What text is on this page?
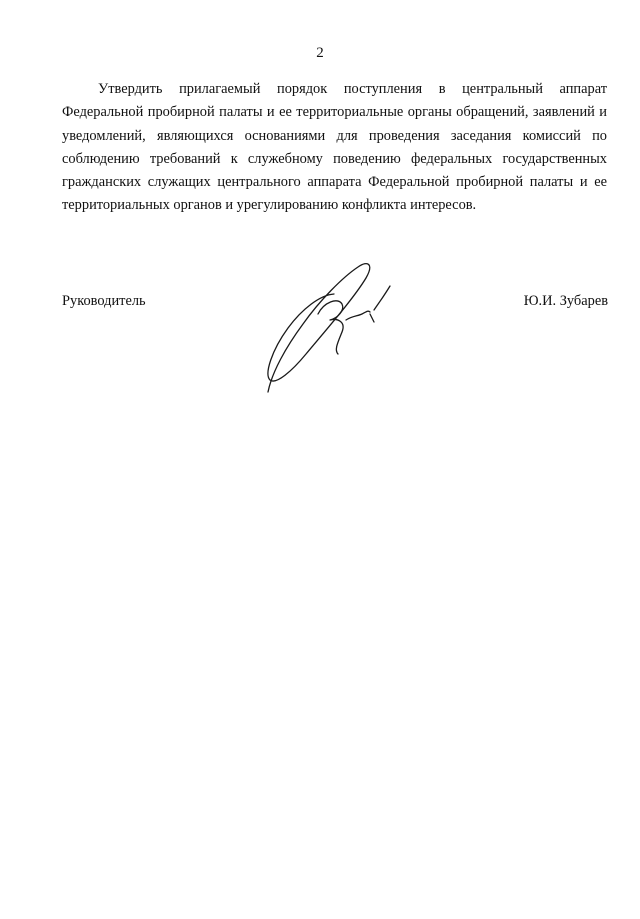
2

Утвердить прилагаемый порядок поступления в центральный аппарат Федеральной пробирной палаты и ее территориальные органы обращений, заявлений и уведомлений, являющихся основаниями для проведения заседания комиссий по соблюдению требований к служебному поведению федеральных государственных гражданских служащих центрального аппарата Федеральной пробирной палаты и ее территориальных органов и урегулированию конфликта интересов.

Руководитель	Ю.И. Зубарев
